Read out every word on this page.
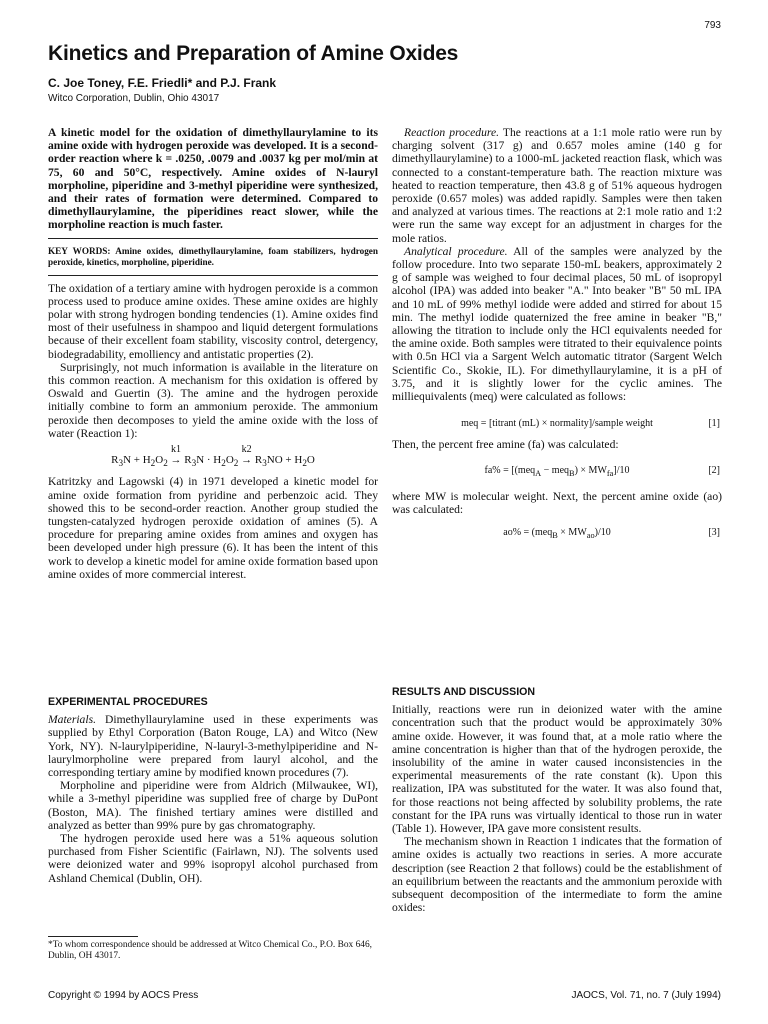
793
Kinetics and Preparation of Amine Oxides
C. Joe Toney, F.E. Friedli* and P.J. Frank
Witco Corporation, Dublin, Ohio 43017

A kinetic model for the oxidation of dimethyllaurylamine to its amine oxide with hydrogen peroxide was developed. It is a second-order reaction where k = .0250, .0079 and .0037 kg per mol/min at 75, 60 and 50°C, respectively. Amine oxides of N-lauryl morpholine, piperidine and 3-methyl piperidine were synthesized, and their rates of formation were determined. Compared to dimethyllaurylamine, the piperidines react slower, while the morpholine reaction is much faster.

KEY WORDS: Amine oxides, dimethyllaurylamine, foam stabilizers, hydrogen peroxide, kinetics, morpholine, piperidine.

The oxidation of a tertiary amine with hydrogen peroxide is a common process used to produce amine oxides. These amine oxides are highly polar with strong hydrogen bonding tendencies (1). Amine oxides find most of their usefulness in shampoo and liquid detergent formulations because of their excellent foam stability, viscosity control, detergency, biodegradability, emolliency and antistatic properties (2).

Surprisingly, not much information is available in the literature on this common reaction. A mechanism for this oxidation is offered by Oswald and Guertin (3). The amine and the hydrogen peroxide initially combine to form an ammonium peroxide. The ammonium peroxide then decomposes to yield the amine oxide with the loss of water (Reaction 1):

$R_3N + H_2O_2$
k1
→ $R_3N \cdot H_2O_2$
k2
→ $R_3NO + H_2O$

Katritzky and Lagowski (4) in 1971 developed a kinetic model for amine oxide formation from pyridine and perbenzoic acid. They showed this to be second-order reaction. Another group studied the tungsten-catalyzed hydrogen peroxide oxidation of amines (5). A procedure for preparing amine oxides from amines and oxygen has been developed under high pressure (6). It has been the intent of this work to develop a kinetic model for amine oxide formation based upon amine oxides of more commercial interest.

EXPERIMENTAL PROCEDURES

Materials. Dimethyllaurylamine used in these experiments was supplied by Ethyl Corporation (Baton Rouge, LA) and Witco (New York, NY). N-laurylpiperidine, N-lauryl-3-methylpiperidine and N-laurylmorpholine were prepared from lauryl alcohol, and the corresponding tertiary amine by modified known procedures (7).

Morpholine and piperidine were from Aldrich (Milwaukee, WI), while a 3-methyl piperidine was supplied free of charge by DuPont (Boston, MA). The finished tertiary amines were distilled and analyzed as better than 99% pure by gas chromatography.

The hydrogen peroxide used here was a 51% aqueous solution purchased from Fisher Scientific (Fairlawn, NJ). The solvents used were deionized water and 99% isopropyl alcohol purchased from Ashland Chemical (Dublin, OH).

*To whom correspondence should be addressed at Witco Chemical Co., P.O. Box 646, Dublin, OH 43017.

Reaction procedure. The reactions at a 1:1 mole ratio were run by charging solvent (317 g) and 0.657 moles amine (140 g for dimethyllaurylamine) to a 1000-mL jacketed reaction flask, which was connected to a constant-temperature bath. The reaction mixture was heated to reaction temperature, then 43.8 g of 51% aqueous hydrogen peroxide (0.657 moles) was added rapidly. Samples were then taken and analyzed at various times. The reactions at 2:1 mole ratio and 1:2 were run the same way except for an adjustment in charges for the mole ratios.

Analytical procedure. All of the samples were analyzed by the follow procedure. Into two separate 150-mL beakers, approximately 2 g of sample was weighed to four decimal places, 50 mL of isopropyl alcohol (IPA) was added into beaker "A." Into beaker "B" 50 mL IPA and 10 mL of 99% methyl iodide were added and stirred for about 15 min. The methyl iodide quaternized the free amine in beaker "B," allowing the titration to include only the HCl equivalents needed for the amine oxide. Both samples were titrated to their equivalence points with 0.5n HCl via a Sargent Welch automatic titrator (Sargent Welch Scientific Co., Skokie, IL). For dimethyllaurylamine, it is a pH of 3.75, and it is slightly lower for the cyclic amines. The milliequivalents (meq) were calculated as follows:

meq = [titrant (mL) × normality]/sample weight	[1]

Then, the percent free amine (fa) was calculated:

$fa\% = [(meq_A - meq_B) \times MW_{fa}]/10$	[2]

where MW is molecular weight. Next, the percent amine oxide (ao) was calculated:

$ao\% = (meq_B \times MW_{ao})/10$	[3]
RESULTS AND DISCUSSION

Initially, reactions were run in deionized water with the amine concentration such that the product would be approximately 30% amine oxide. However, it was found that, at a mole ratio where the amine concentration is higher than that of the hydrogen peroxide, the insolubility of the amine in water caused inconsistencies in the experimental measurements of the rate constant (k). Upon this realization, IPA was substituted for the water. It was also found that, for those reactions not being affected by solubility problems, the rate constant for the IPA runs was virtually identical to those run in water (Table 1). However, IPA gave more consistent results.

The mechanism shown in Reaction 1 indicates that the formation of amine oxides is actually two reactions in series. A more accurate description (see Reaction 2 that follows) could be the establishment of an equilibrium between the reactants and the ammonium peroxide with subsequent decomposition of the intermediate to form the amine oxides:

Copyright © 1994 by AOCS Press	JAOCS, Vol. 71, no. 7 (July 1994)
